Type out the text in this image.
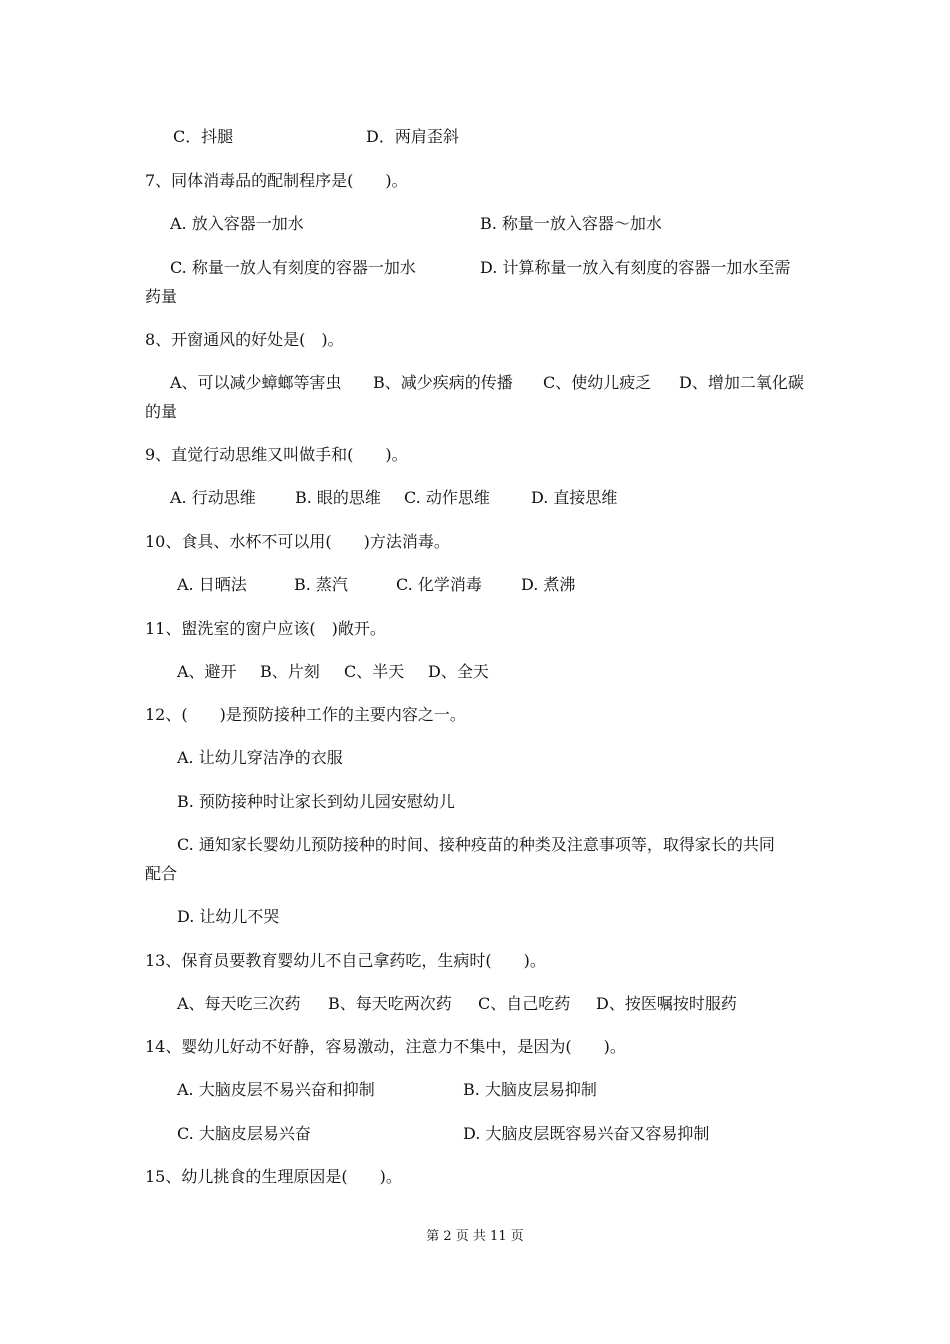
C．抖腿	D．两肩歪斜
7、同体消毒品的配制程序是(　　)。
A. 放入容器一加水	B. 称量一放入容器～加水
C. 称量一放人有刻度的容器一加水	D. 计算称量一放入有刻度的容器一加水至需
药量
8、开窗通风的好处是(　)。
A、可以减少蟑螂等害虫 B、减少疾病的传播 C、使幼儿疲乏 D、增加二氧化碳
的量
9、直觉行动思维又叫做手和(　　)。
A. 行动思维 B. 眼的思维 C. 动作思维	D. 直接思维
10、食具、水杯不可以用(　　)方法消毒。
A. 日晒法	B. 蒸汽	C. 化学消毒 D. 煮沸
11、盥洗室的窗户应该(　)敞开。
A、避开 B、片刻 C、半天 D、全天
12、(　　)是预防接种工作的主要内容之一。
A. 让幼儿穿洁净的衣服
B. 预防接种时让家长到幼儿园安慰幼儿
C. 通知家长婴幼儿预防接种的时间、接种疫苗的种类及注意事项等，取得家长的共同
配合
D. 让幼儿不哭
13、保育员要教育婴幼儿不自己拿药吃，生病时(　　)。
A、每天吃三次药 B、每天吃两次药 C、自己吃药 D、按医嘱按时服药
14、婴幼儿好动不好静，容易激动，注意力不集中，是因为(　　)。
A. 大脑皮层不易兴奋和抑制	B. 大脑皮层易抑制
C. 大脑皮层易兴奋	D. 大脑皮层既容易兴奋又容易抑制
15、幼儿挑食的生理原因是(　　)。
第 2 页 共 11 页
